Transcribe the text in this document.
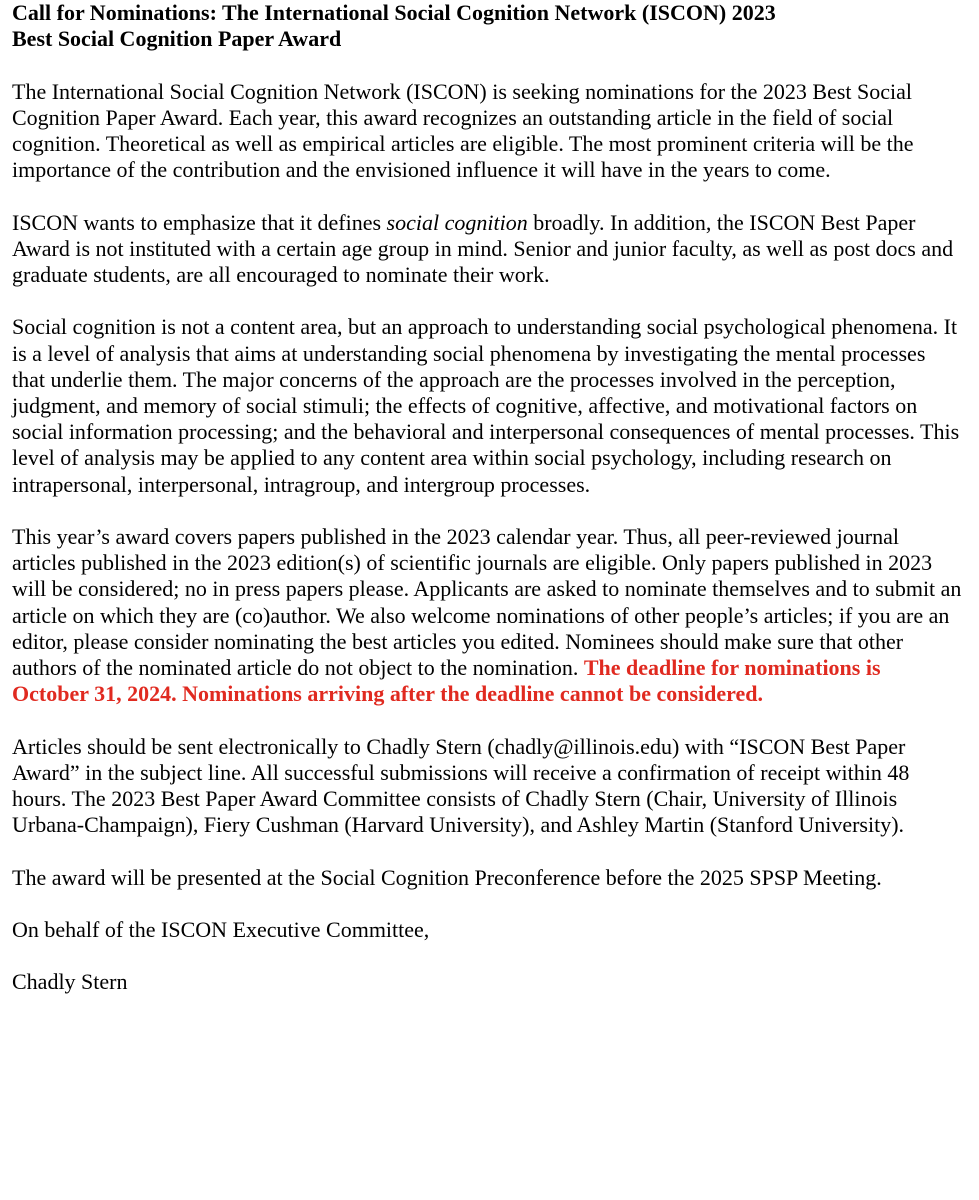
Call for Nominations: The International Social Cognition Network (ISCON) 2023
Best Social Cognition Paper Award

The International Social Cognition Network (ISCON) is seeking nominations for the 2023 Best Social Cognition Paper Award. Each year, this award recognizes an outstanding article in the field of social cognition. Theoretical as well as empirical articles are eligible. The most prominent criteria will be the importance of the contribution and the envisioned influence it will have in the years to come.

ISCON wants to emphasize that it defines social cognition broadly. In addition, the ISCON Best Paper Award is not instituted with a certain age group in mind. Senior and junior faculty, as well as post docs and graduate students, are all encouraged to nominate their work.

Social cognition is not a content area, but an approach to understanding social psychological phenomena. It is a level of analysis that aims at understanding social phenomena by investigating the mental processes that underlie them. The major concerns of the approach are the processes involved in the perception, judgment, and memory of social stimuli; the effects of cognitive, affective, and motivational factors on social information processing; and the behavioral and interpersonal consequences of mental processes. This level of analysis may be applied to any content area within social psychology, including research on intrapersonal, interpersonal, intragroup, and intergroup processes.

This year’s award covers papers published in the 2023 calendar year. Thus, all peer-reviewed journal articles published in the 2023 edition(s) of scientific journals are eligible. Only papers published in 2023 will be considered; no in press papers please. Applicants are asked to nominate themselves and to submit an article on which they are (co)author. We also welcome nominations of other people’s articles; if you are an editor, please consider nominating the best articles you edited. Nominees should make sure that other authors of the nominated article do not object to the nomination. The deadline for nominations is October 31, 2024. Nominations arriving after the deadline cannot be considered.

Articles should be sent electronically to Chadly Stern (chadly@illinois.edu) with “ISCON Best Paper Award” in the subject line. All successful submissions will receive a confirmation of receipt within 48 hours. The 2023 Best Paper Award Committee consists of Chadly Stern (Chair, University of Illinois Urbana-Champaign), Fiery Cushman (Harvard University), and Ashley Martin (Stanford University).

The award will be presented at the Social Cognition Preconference before the 2025 SPSP Meeting.

On behalf of the ISCON Executive Committee,

Chadly Stern
